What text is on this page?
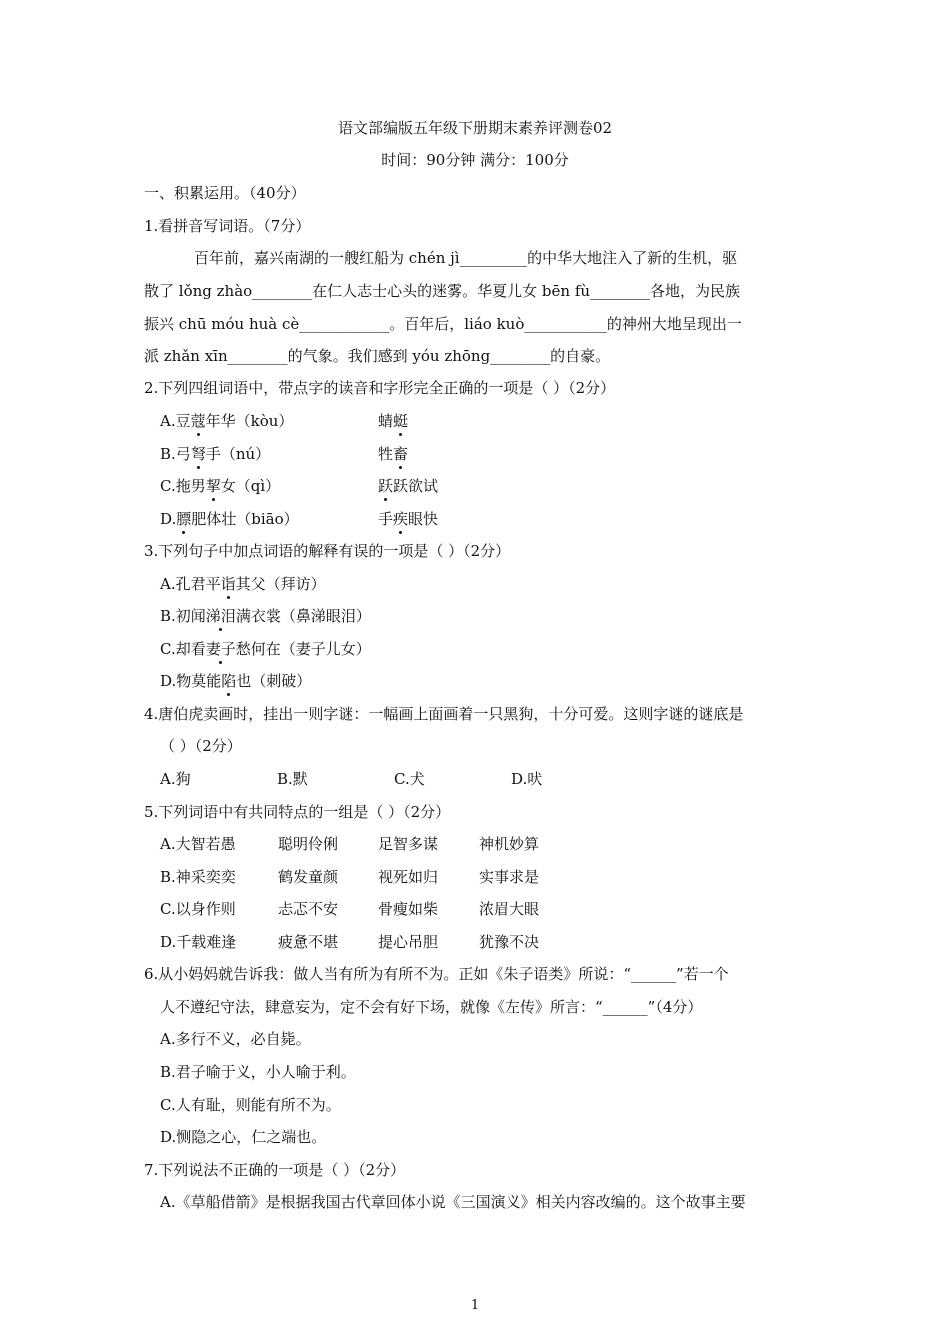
语文部编版五年级下册期末素养评测卷02
时间：90分钟 满分：100分
一、积累运用。（40分）
1.看拼音写词语。（7分）
百年前，嘉兴南湖的一艘红船为 chén jì_________的中华大地注入了新的生机，驱
散了 lǒng zhào________在仁人志士心头的迷雾。华夏儿女 bēn fù________各地，为民族
振兴 chū móu huà cè____________。百年后，liáo kuò___________的神州大地呈现出一
派 zhǎn xīn________的气象。我们感到 yóu zhōng________的自豪。
2.下列四组词语中，带点字的读音和字形完全正确的一项是（ ）（2分）
A.豆蔻年华（kòu）	蜻蜓
B.弓弩手（nú）	牲畜
C.拖男挈女（qì）	跃跃欲试
D.膘肥体壮（biāo）	手疾眼快
3.下列句子中加点词语的解释有误的一项是（ ）（2分）
A.孔君平诣其父（拜访）
B.初闻涕泪满衣裳（鼻涕眼泪）
C.却看妻子愁何在（妻子儿女）
D.物莫能陷也（刺破）
4.唐伯虎卖画时，挂出一则字谜：一幅画上面画着一只黑狗，十分可爱。这则字谜的谜底是
（ ）（2分）
A.狗	B.默	C.犬	D.吠
5.下列词语中有共同特点的一组是（ ）（2分）
A.大智若愚	聪明伶俐	足智多谋	神机妙算
B.神采奕奕	鹤发童颜	视死如归	实事求是
C.以身作则	忐忑不安	骨瘦如柴	浓眉大眼
D.千载难逢	疲惫不堪	提心吊胆	犹豫不决
6.从小妈妈就告诉我：做人当有所为有所不为。正如《朱子语类》所说：“______”若一个
人不遵纪守法，肆意妄为，定不会有好下场，就像《左传》所言：“______”（4分）
A.多行不义，必自毙。
B.君子喻于义，小人喻于利。
C.人有耻，则能有所不为。
D.恻隐之心，仁之端也。
7.下列说法不正确的一项是（ ）（2分）
A.《草船借箭》是根据我国古代章回体小说《三国演义》相关内容改编的。这个故事主要
1
